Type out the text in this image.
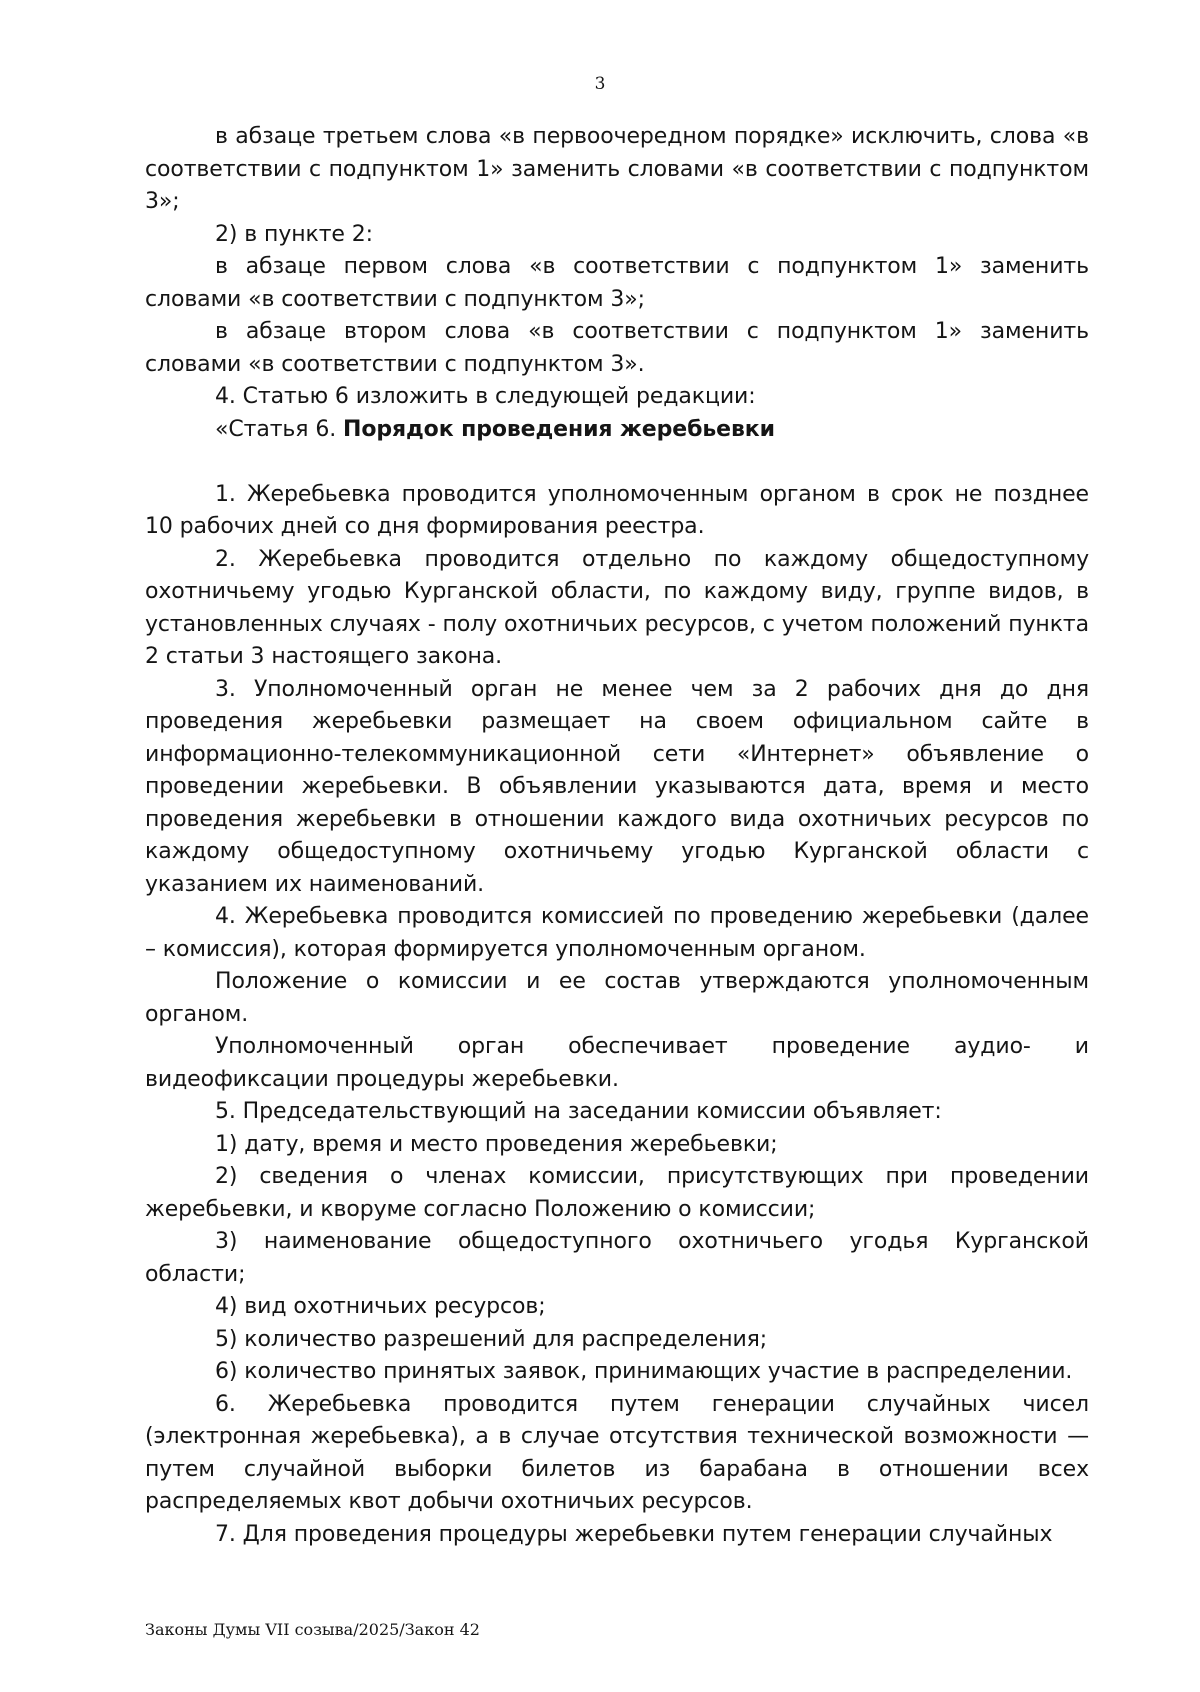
3

в абзаце третьем слова «в первоочередном порядке» исключить, слова «в соответствии с подпунктом 1» заменить словами «в соответствии с подпунктом 3»;

2) в пункте 2:

в абзаце первом слова «в соответствии с подпунктом 1» заменить словами «в соответствии с подпунктом 3»;

в абзаце втором слова «в соответствии с подпунктом 1» заменить словами «в соответствии с подпунктом 3».

4. Статью 6 изложить в следующей редакции:

«Статья 6. Порядок проведения жеребьевки

1. Жеребьевка проводится уполномоченным органом в срок не позднее 10 рабочих дней со дня формирования реестра.

2. Жеребьевка проводится отдельно по каждому общедоступному охотничьему угодью Курганской области, по каждому виду, группе видов, в установленных случаях - полу охотничьих ресурсов, с учетом положений пункта 2 статьи 3 настоящего закона.

3. Уполномоченный орган не менее чем за 2 рабочих дня до дня проведения жеребьевки размещает на своем официальном сайте в информационно-телекоммуникационной сети «Интернет» объявление о проведении жеребьевки. В объявлении указываются дата, время и место проведения жеребьевки в отношении каждого вида охотничьих ресурсов по каждому общедоступному охотничьему угодью Курганской области с указанием их наименований.

4. Жеребьевка проводится комиссией по проведению жеребьевки (далее – комиссия), которая формируется уполномоченным органом.

Положение о комиссии и ее состав утверждаются уполномоченным органом.

Уполномоченный орган обеспечивает проведение аудио- и видеофиксации процедуры жеребьевки.

5. Председательствующий на заседании комиссии объявляет:

1) дату, время и место проведения жеребьевки;

2) сведения о членах комиссии, присутствующих при проведении жеребьевки, и кворуме согласно Положению о комиссии;

3) наименование общедоступного охотничьего угодья Курганской области;

4) вид охотничьих ресурсов;

5) количество разрешений для распределения;

6) количество принятых заявок, принимающих участие в распределении.

6. Жеребьевка проводится путем генерации случайных чисел (электронная жеребьевка), а в случае отсутствия технической возможности — путем случайной выборки билетов из барабана в отношении всех распределяемых квот добычи охотничьих ресурсов.

7. Для проведения процедуры жеребьевки путем генерации случайных

Законы Думы VII созыва/2025/Закон 42
